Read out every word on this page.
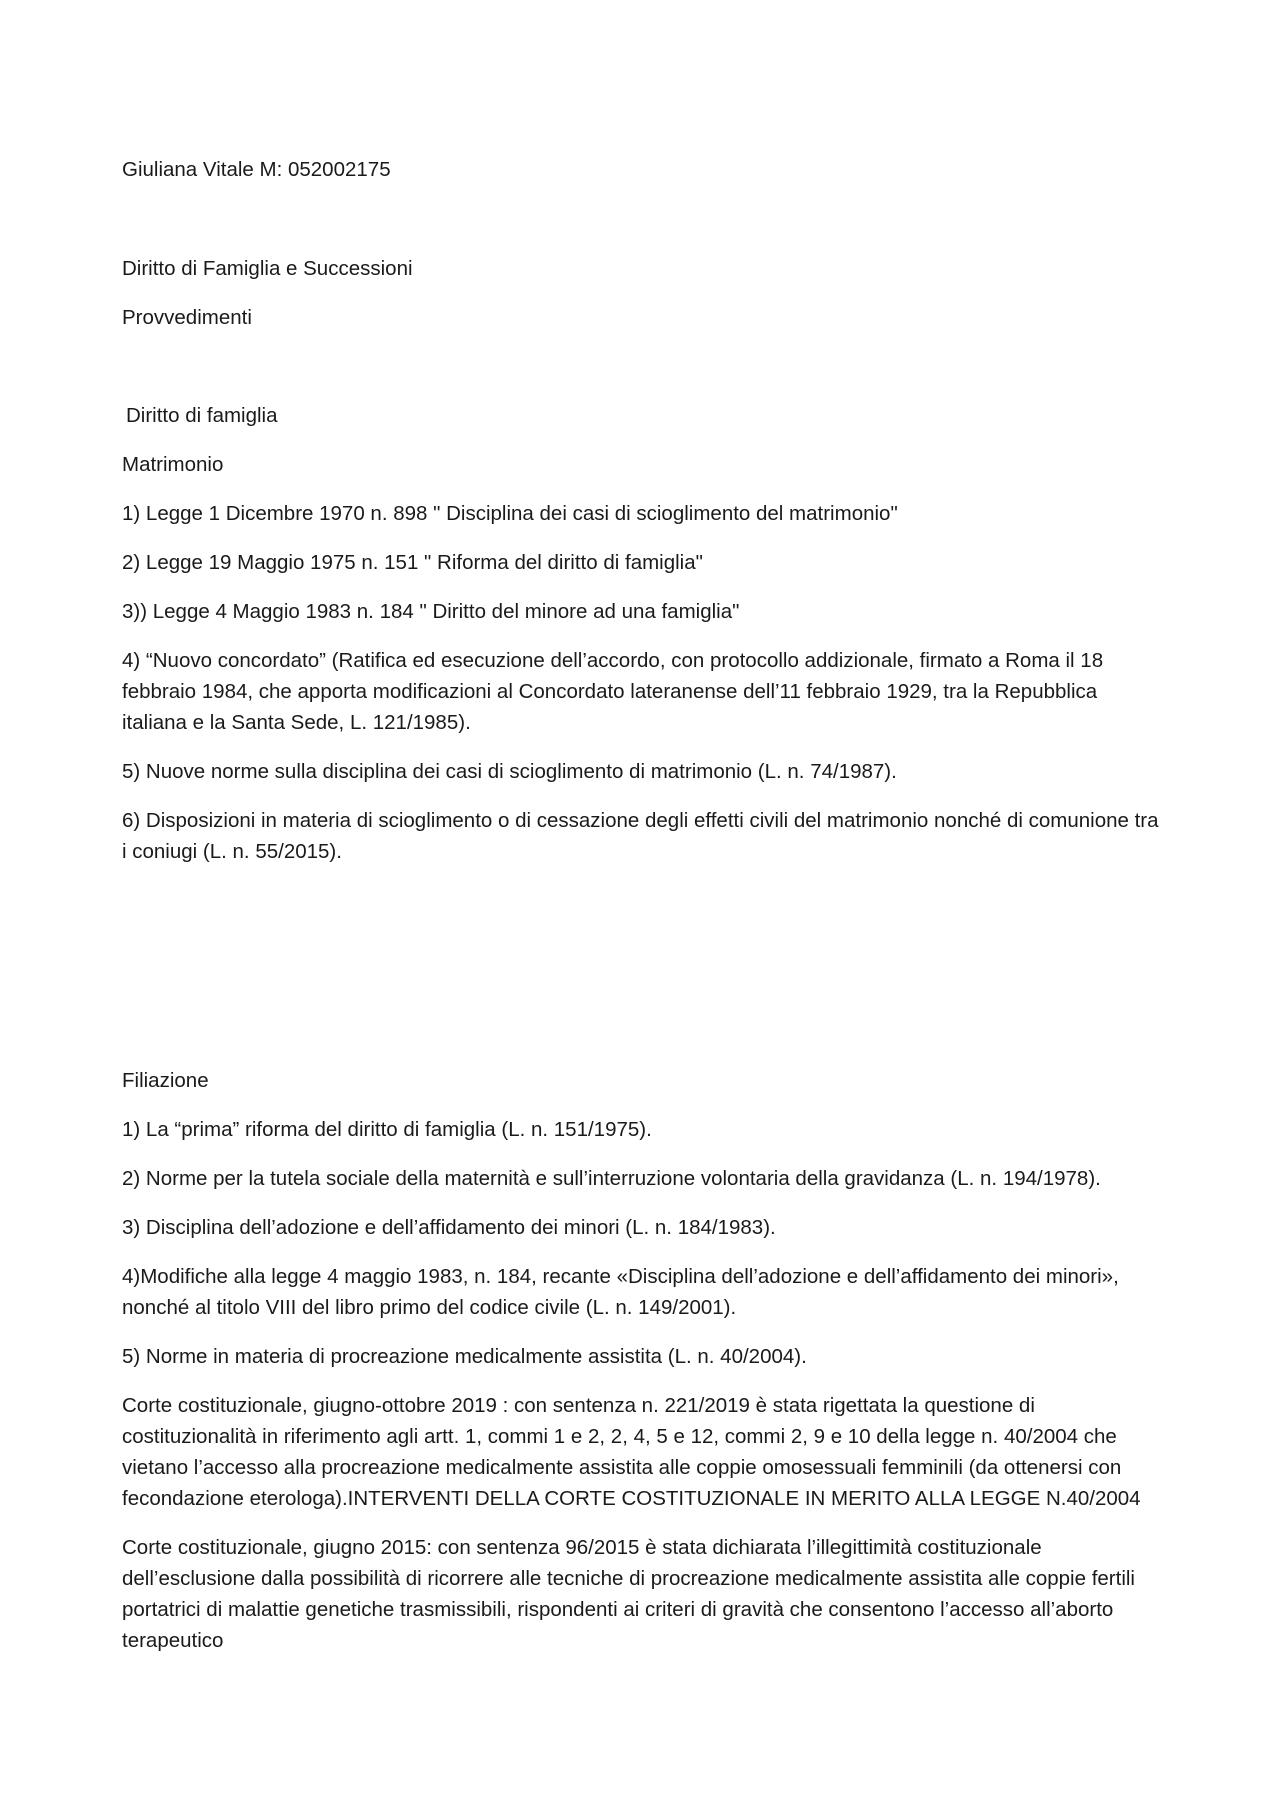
Giuliana Vitale M: 052002175

Diritto di Famiglia e Successioni

Provvedimenti

Diritto di famiglia

Matrimonio

1) Legge 1 Dicembre 1970 n. 898 " Disciplina dei casi di scioglimento del matrimonio"

2) Legge 19 Maggio 1975 n. 151 " Riforma del diritto di famiglia"

3)) Legge 4 Maggio 1983 n. 184 " Diritto del minore ad una famiglia"

4) “Nuovo concordato” (Ratifica ed esecuzione dell’accordo, con protocollo addizionale, firmato a Roma il 18 febbraio 1984, che apporta modificazioni al Concordato lateranense dell’11 febbraio 1929, tra la Repubblica italiana e la Santa Sede, L. 121/1985).

5) Nuove norme sulla disciplina dei casi di scioglimento di matrimonio (L. n. 74/1987).

6) Disposizioni in materia di scioglimento o di cessazione degli effetti civili del matrimonio nonché di comunione tra i coniugi (L. n. 55/2015).

Filiazione

1) La “prima” riforma del diritto di famiglia (L. n. 151/1975).

2) Norme per la tutela sociale della maternità e sull’interruzione volontaria della gravidanza (L. n. 194/1978).

3) Disciplina dell’adozione e dell’affidamento dei minori (L. n. 184/1983).

4)Modifiche alla legge 4 maggio 1983, n. 184, recante «Disciplina dell’adozione e dell’affidamento dei minori», nonché al titolo VIII del libro primo del codice civile (L. n. 149/2001).

5) Norme in materia di procreazione medicalmente assistita (L. n. 40/2004).

Corte costituzionale, giugno-ottobre 2019 : con sentenza n. 221/2019 è stata rigettata la questione di costituzionalità in riferimento agli artt. 1, commi 1 e 2, 2, 4, 5 e 12, commi 2, 9 e 10 della legge n. 40/2004 che vietano l’accesso alla procreazione medicalmente assistita alle coppie omosessuali femminili (da ottenersi con fecondazione eterologa).INTERVENTI DELLA CORTE COSTITUZIONALE IN MERITO ALLA LEGGE N.40/2004

Corte costituzionale, giugno 2015: con sentenza 96/2015 è stata dichiarata l’illegittimità costituzionale dell’esclusione dalla possibilità di ricorrere alle tecniche di procreazione medicalmente assistita alle coppie fertili portatrici di malattie genetiche trasmissibili, rispondenti ai criteri di gravità che consentono l’accesso all’aborto terapeutico
